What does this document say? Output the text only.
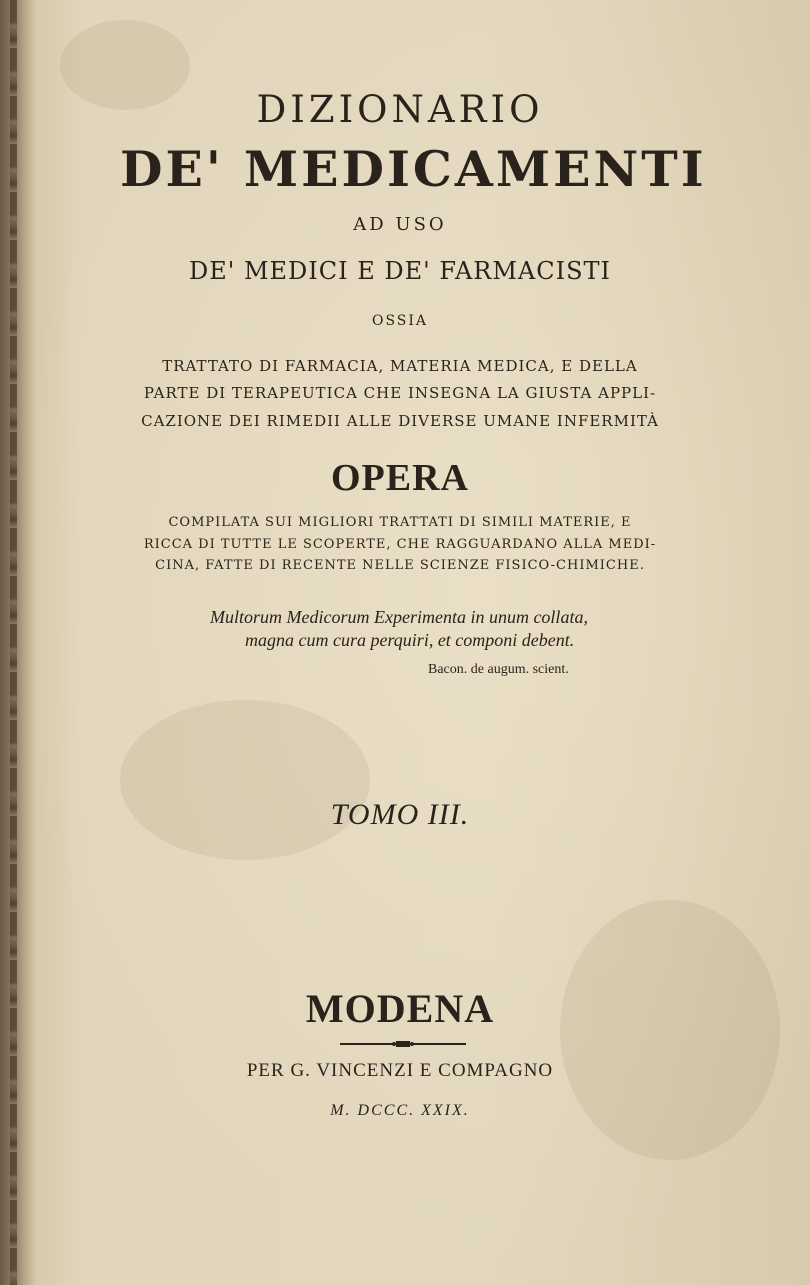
DIZIONARIO
DE' MEDICAMENTI
AD USO
DE' MEDICI E DE' FARMACISTI
OSSIA
TRATTATO DI FARMACIA, MATERIA MEDICA, E DELLA
PARTE DI TERAPEUTICA CHE INSEGNA LA GIUSTA APPLI-
CAZIONE DEI RIMEDII ALLE DIVERSE UMANE INFERMITÀ
OPERA
COMPILATA SUI MIGLIORI TRATTATI DI SIMILI MATERIE, E
RICCA DI TUTTE LE SCOPERTE, CHE RAGGUARDANO ALLA MEDI-
CINA, FATTE DI RECENTE NELLE SCIENZE FISICO-CHIMICHE.
Multorum Medicorum Experimenta in unum collata,
magna cum cura perquiri, et componi debent.
Bacon. de augum. scient.
TOMO III.
MODENA
PER G. VINCENZI E COMPAGNO
M. DCCC. XXIX.
